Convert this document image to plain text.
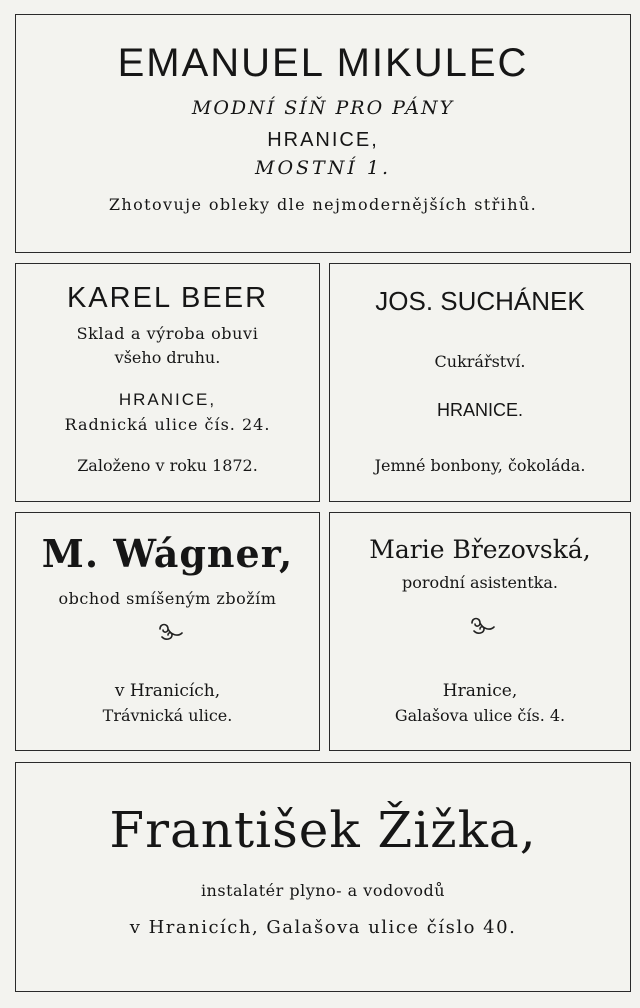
EMANUEL MIKULEC
MODNÍ SÍŇ PRO PÁNY
HRANICE,
MOSTNÍ 1.
Zhotovuje obleky dle nejmodernějších střihů.
KAREL BEER
Sklad a výroba obuvi
všeho druhu.
HRANICE,
Radnická ulice čís. 24.
Založeno v roku 1872.
JOS. SUCHÁNEK
Cukrářství.
HRANICE.
Jemné bonbony, čokoláda.
M. Wágner,
obchod smíšeným zbožím
v Hranicích,
Trávnická ulice.
Marie Březovská,
porodní asistentka.
Hranice,
Galašova ulice čís. 4.
František Žižka,
instalatér plyno- a vodovodů
v Hranicích, Galašova ulice číslo 40.
